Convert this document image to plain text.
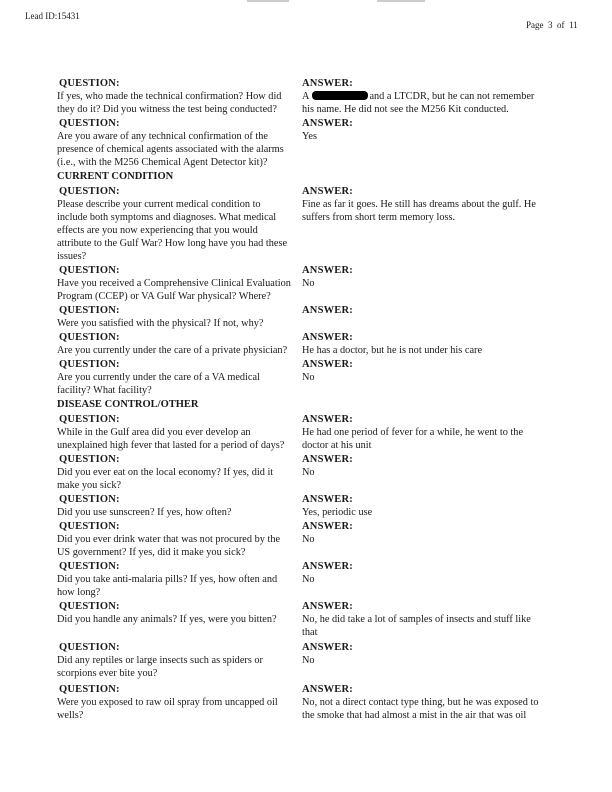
Lead ID:15431
Page  3  of  11
CURRENT CONDITION
DISEASE CONTROL/OTHER
QUESTION:
If yes, who made the technical confirmation? How did
they do it? Did you witness the test being conducted?
ANSWER:
A	and a LTCDR, but he can not remember
his name. He did not see the M256 Kit conducted.
QUESTION:
Are you aware of any technical confirmation of the
presence of chemical agents associated with the alarms
(i.e., with the M256 Chemical Agent Detector kit)?
ANSWER:
Yes
QUESTION:
Please describe your current medical condition to
include both symptoms and diagnoses. What medical
effects are you now experiencing that you would
attribute to the Gulf War? How long have you had these
issues?
ANSWER:
Fine as far it goes. He still has dreams about the gulf. He
suffers from short term memory loss.
QUESTION:
Have you received a Comprehensive Clinical Evaluation
Program (CCEP) or VA Gulf War physical? Where?
ANSWER:
No
QUESTION:
Were you satisfied with the physical? If not, why?
ANSWER:
QUESTION:
Are you currently under the care of a private physician?
ANSWER:
He has a doctor, but he is not under his care
QUESTION:
Are you currently under the care of a VA medical
facility? What facility?
ANSWER:
No
QUESTION:
While in the Gulf area did you ever develop an
unexplained high fever that lasted for a period of days?
ANSWER:
He had one period of fever for a while, he went to the
doctor at his unit
QUESTION:
Did you ever eat on the local economy? If yes, did it
make you sick?
ANSWER:
No
QUESTION:
Did you use sunscreen? If yes, how often?
ANSWER:
Yes, periodic use
QUESTION:
Did you ever drink water that was not procured by the
US government? If yes, did it make you sick?
ANSWER:
No
QUESTION:
Did you take anti-malaria pills? If yes, how often and
how long?
ANSWER:
No
QUESTION:
Did you handle any animals? If yes, were you bitten?
ANSWER:
No, he did take a lot of samples of insects and stuff like
that
QUESTION:
Did any reptiles or large insects such as spiders or
scorpions ever bite you?
ANSWER:
No
QUESTION:
Were you exposed to raw oil spray from uncapped oil
wells?
ANSWER:
No, not a direct contact type thing, but he was exposed to
the smoke that had almost a mist in the air that was oil
